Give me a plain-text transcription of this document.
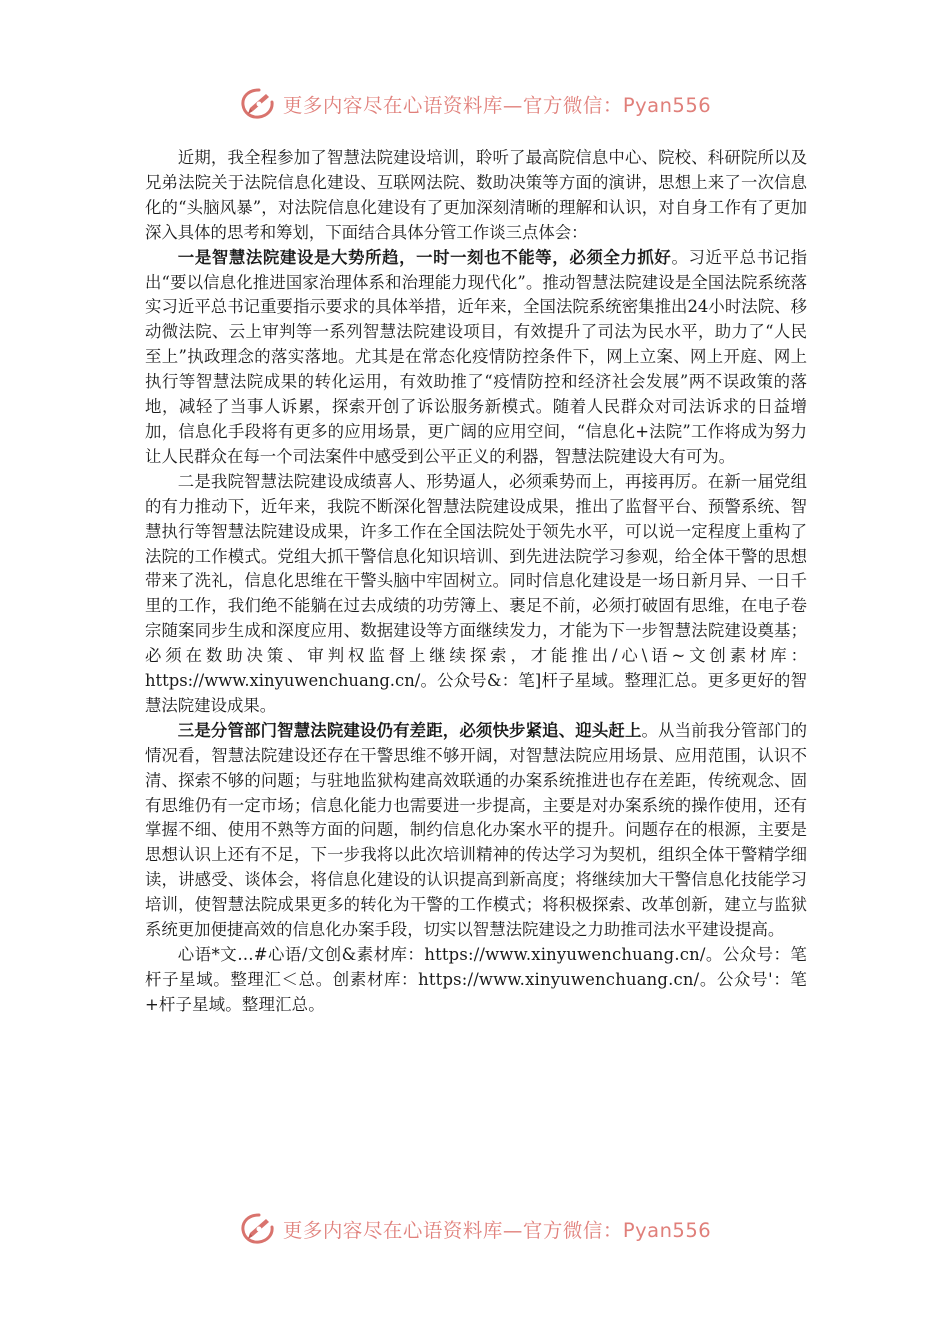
更多内容尽在心语资料库—官方微信：Pyan556

近期，我全程参加了智慧法院建设培训，聆听了最高院信息中心、院校、科研院所以及兄弟法院关于法院信息化建设、互联网法院、数助决策等方面的演讲，思想上来了一次信息化的“头脑风暴”，对法院信息化建设有了更加深刻清晰的理解和认识，对自身工作有了更加深入具体的思考和筹划，下面结合具体分管工作谈三点体会：

一是智慧法院建设是大势所趋，一时一刻也不能等，必须全力抓好。习近平总书记指出“要以信息化推进国家治理体系和治理能力现代化”。推动智慧法院建设是全国法院系统落实习近平总书记重要指示要求的具体举措，近年来，全国法院系统密集推出24小时法院、移动微法院、云上审判等一系列智慧法院建设项目，有效提升了司法为民水平，助力了“人民至上”执政理念的落实落地。尤其是在常态化疫情防控条件下，网上立案、网上开庭、网上执行等智慧法院成果的转化运用，有效助推了“疫情防控和经济社会发展”两不误政策的落地，减轻了当事人诉累，探索开创了诉讼服务新模式。随着人民群众对司法诉求的日益增加，信息化手段将有更多的应用场景，更广阔的应用空间，“信息化+法院”工作将成为努力让人民群众在每一个司法案件中感受到公平正义的利器，智慧法院建设大有可为。

二是我院智慧法院建设成绩喜人、形势逼人，必须乘势而上，再接再厉。在新一届党组的有力推动下，近年来，我院不断深化智慧法院建设成果，推出了监督平台、预警系统、智慧执行等智慧法院建设成果，许多工作在全国法院处于领先水平，可以说一定程度上重构了法院的工作模式。党组大抓干警信息化知识培训、到先进法院学习参观，给全体干警的思想带来了洗礼，信息化思维在干警头脑中牢固树立。同时信息化建设是一场日新月异、一日千里的工作，我们绝不能躺在过去成绩的功劳簿上、裹足不前，必须打破固有思维，在电子卷宗随案同步生成和深度应用、数据建设等方面继续发力，才能为下一步智慧法院建设奠基；必须在数助决策、审判权监督上继续探索，才能推出/心\语~文创素材库：https://www.xinyuwenchuang.cn/。公众号&：笔]杆子星域。整理汇总。更多更好的智慧法院建设成果。

三是分管部门智慧法院建设仍有差距，必须快步紧追、迎头赶上。从当前我分管部门的情况看，智慧法院建设还存在干警思维不够开阔，对智慧法院应用场景、应用范围，认识不清、探索不够的问题；与驻地监狱构建高效联通的办案系统推进也存在差距，传统观念、固有思维仍有一定市场；信息化能力也需要进一步提高，主要是对办案系统的操作使用，还有掌握不细、使用不熟等方面的问题，制约信息化办案水平的提升。问题存在的根源，主要是思想认识上还有不足，下一步我将以此次培训精神的传达学习为契机，组织全体干警精学细读，讲感受、谈体会，将信息化建设的认识提高到新高度；将继续加大干警信息化技能学习培训，使智慧法院成果更多的转化为干警的工作模式；将积极探索、改革创新，建立与监狱系统更加便捷高效的信息化办案手段，切实以智慧法院建设之力助推司法水平建设提高。

心语*文…#心语/文创&素材库：https://www.xinyuwenchuang.cn/。公众号：笔杆子星域。整理汇＜总。创素材库：https://www.xinyuwenchuang.cn/。公众号'：笔+杆子星域。整理汇总。

更多内容尽在心语资料库—官方微信：Pyan556
